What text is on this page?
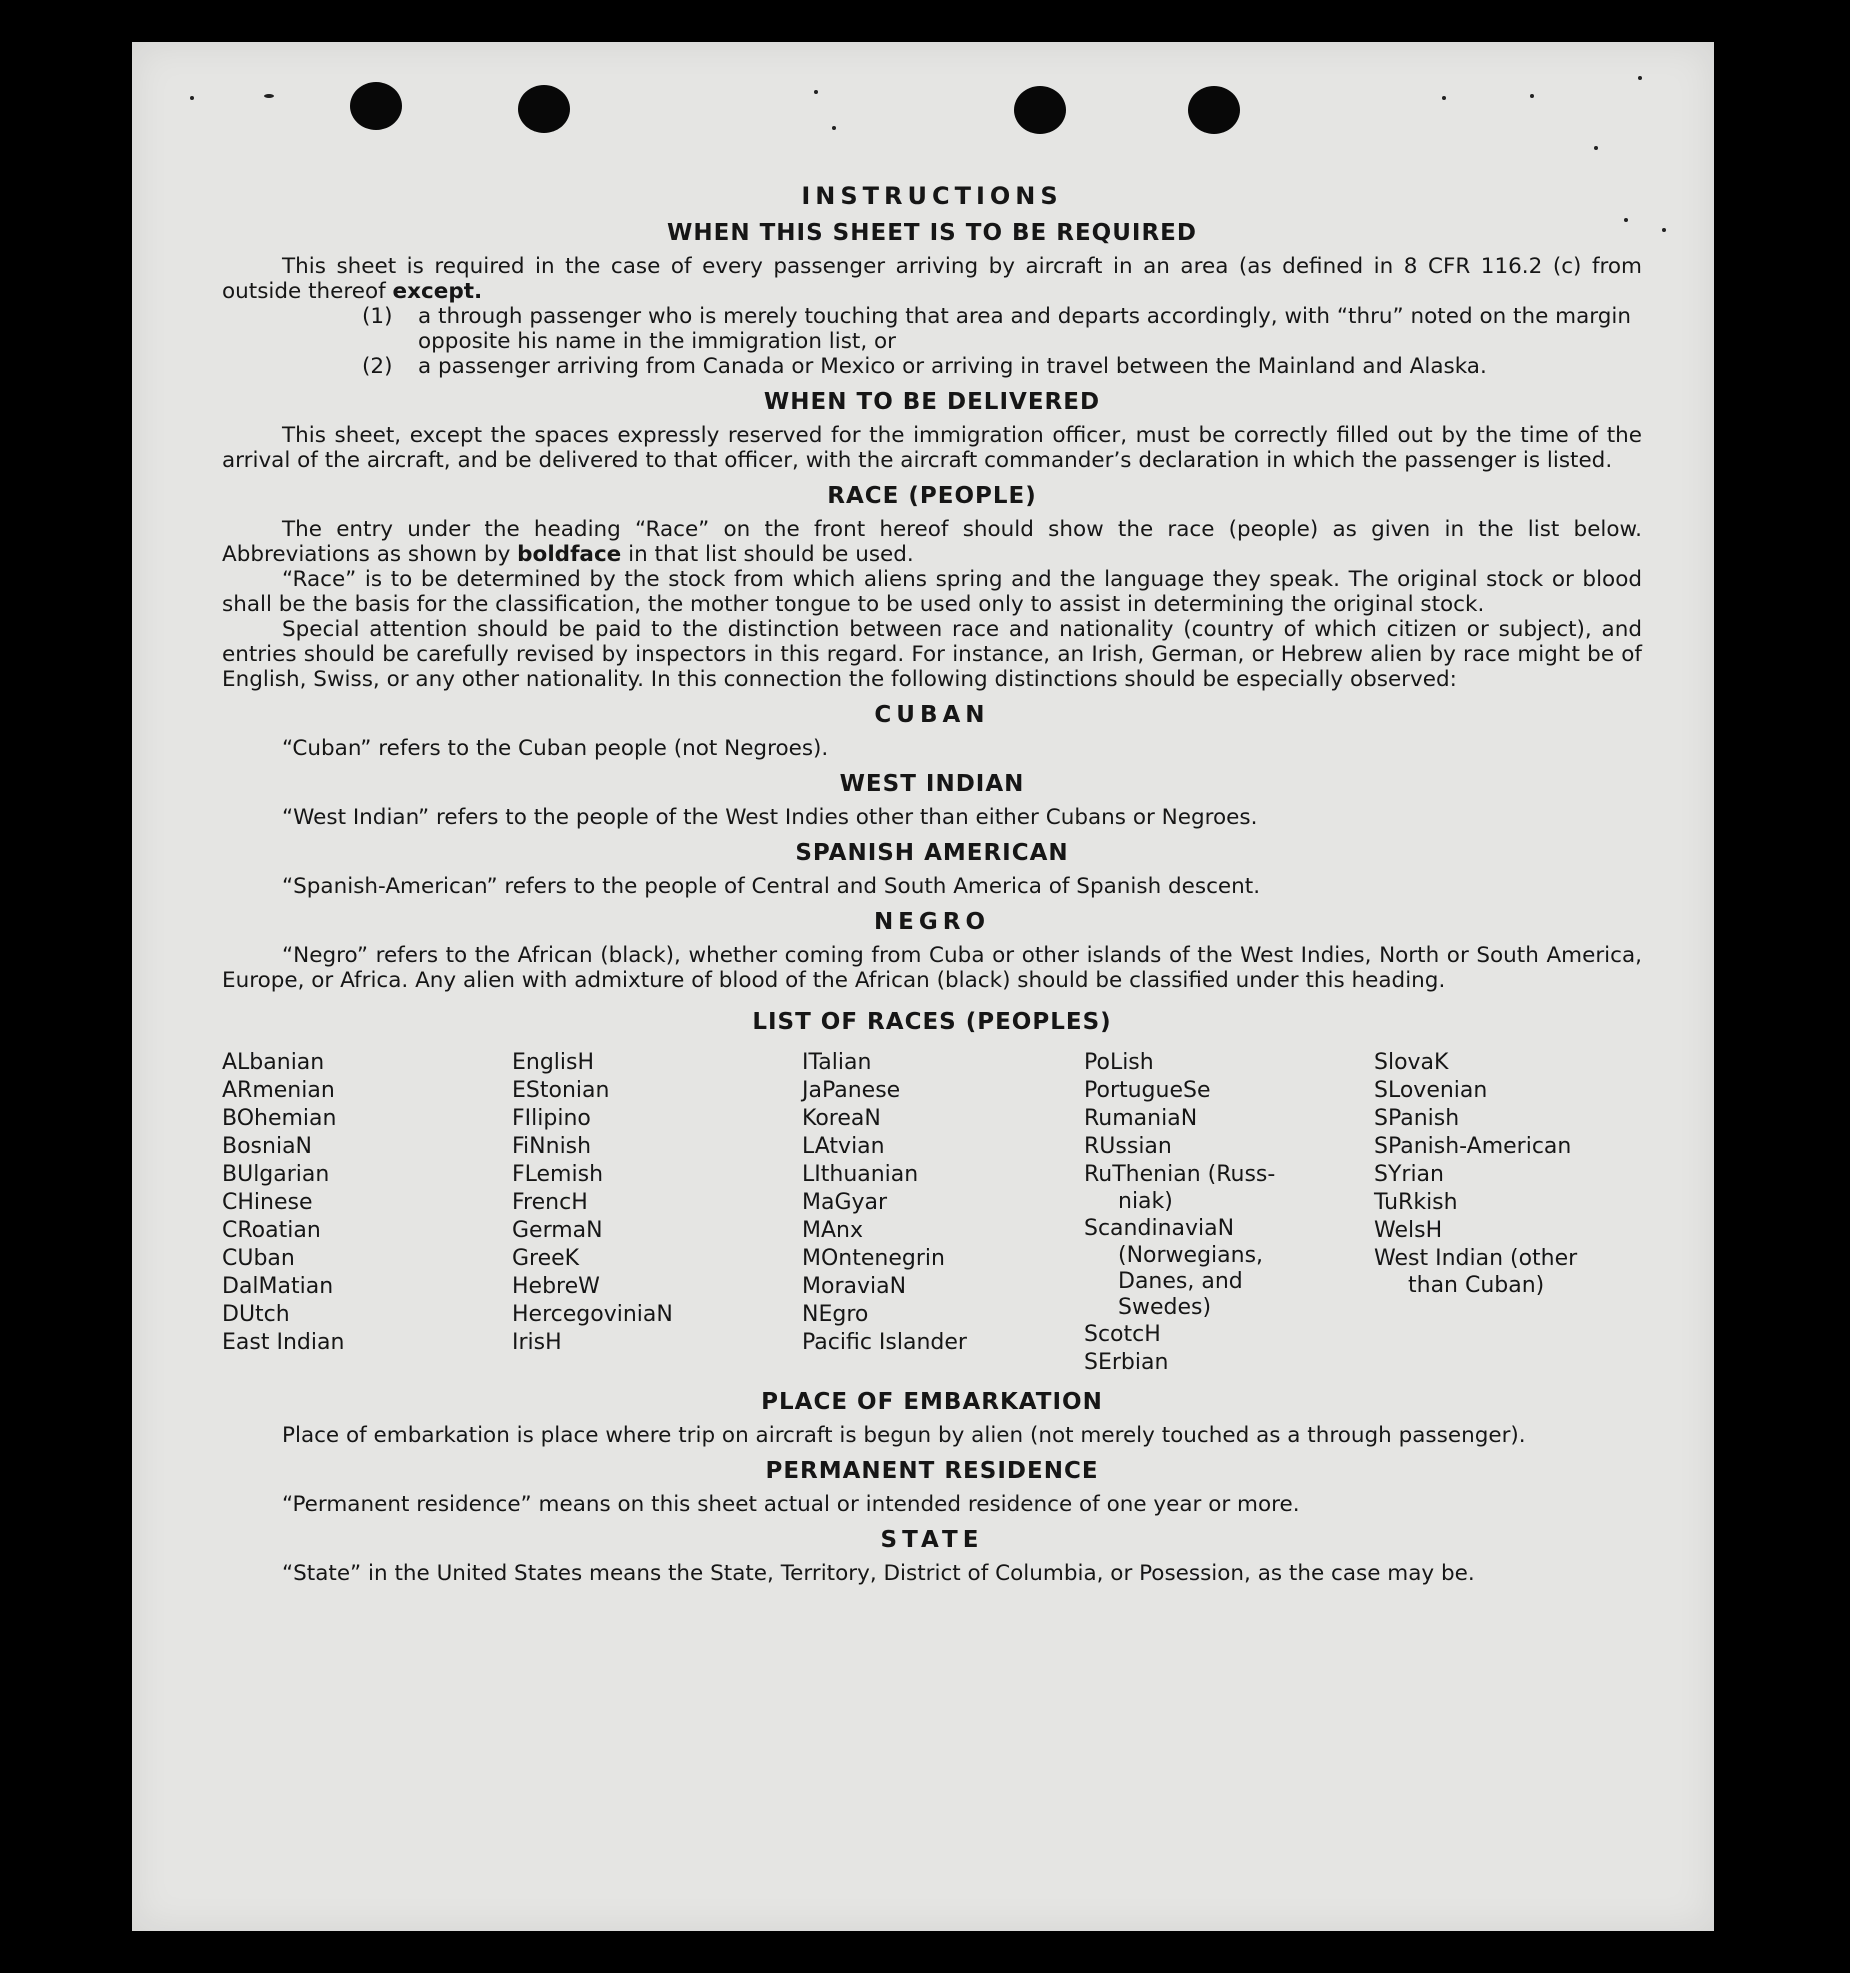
INSTRUCTIONS
WHEN THIS SHEET IS TO BE REQUIRED

This sheet is required in the case of every passenger arriving by aircraft in an area (as defined in 8 CFR 116.2 (c) from outside thereof except.

(1)	a through passenger who is merely touching that area and departs accordingly, with “thru” noted on the margin opposite his name in the immigration list, or
(2)	a passenger arriving from Canada or Mexico or arriving in travel between the Mainland and Alaska.
WHEN TO BE DELIVERED

This sheet, except the spaces expressly reserved for the immigration officer, must be correctly filled out by the time of the arrival of the aircraft, and be delivered to that officer, with the aircraft commander’s declaration in which the passenger is listed.

RACE (PEOPLE)

The entry under the heading “Race” on the front hereof should show the race (people) as given in the list below. Abbreviations as shown by boldface in that list should be used.

“Race” is to be determined by the stock from which aliens spring and the language they speak. The original stock or blood shall be the basis for the classification, the mother tongue to be used only to assist in determining the original stock.

Special attention should be paid to the distinction between race and nationality (country of which citizen or subject), and entries should be carefully revised by inspectors in this regard. For instance, an Irish, German, or Hebrew alien by race might be of English, Swiss, or any other nationality. In this connection the following distinctions should be especially observed:

CUBAN

“Cuban” refers to the Cuban people (not Negroes).

WEST INDIAN

“West Indian” refers to the people of the West Indies other than either Cubans or Negroes.

SPANISH AMERICAN

“Spanish-American” refers to the people of Central and South America of Spanish descent.

NEGRO

“Negro” refers to the African (black), whether coming from Cuba or other islands of the West Indies, North or South America, Europe, or Africa. Any alien with admixture of blood of the African (black) should be classified under this heading.

LIST OF RACES (PEOPLES)
ALbanian
ARmenian
BOhemian
BosniaN
BUlgarian
CHinese
CRoatian
CUban
DalMatian
DUtch
East Indian
EnglisH
EStonian
FIlipino
FiNnish
FLemish
FrencH
GermaN
GreeK
HebreW
HercegoviniaN
IrisH
ITalian
JaPanese
KoreaN
LAtvian
LIthuanian
MaGyar
MAnx
MOntenegrin
MoraviaN
NEgro
Pacific Islander
PoLish
PortugueSe
RumaniaN
RUssian
RuThenian (Russ-
niak)
ScandinaviaN
(Norwegians,
Danes, and
Swedes)
ScotcH
SErbian
SlovaK
SLovenian
SPanish
SPanish-American
SYrian
TuRkish
WelsH
West Indian (other
than Cuban)
PLACE OF EMBARKATION

Place of embarkation is place where trip on aircraft is begun by alien (not merely touched as a through passenger).

PERMANENT RESIDENCE

“Permanent residence” means on this sheet actual or intended residence of one year or more.

STATE

“State” in the United States means the State, Territory, District of Columbia, or Posession, as the case may be.
